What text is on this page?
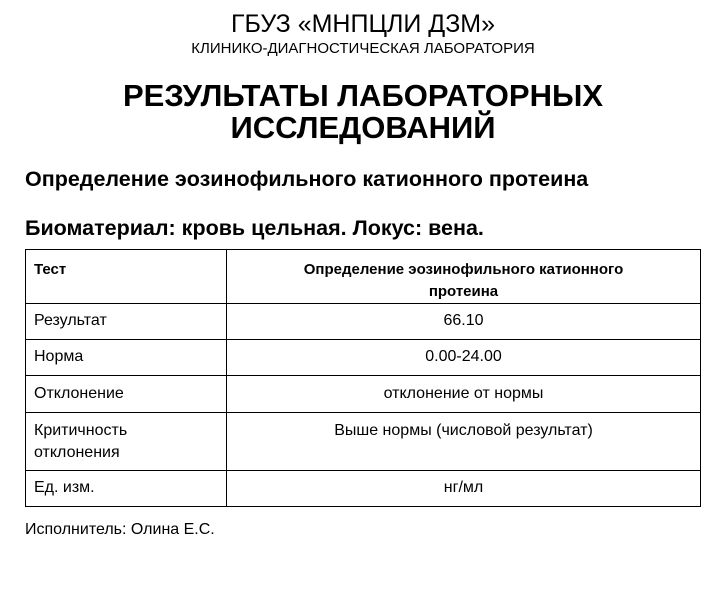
ГБУЗ «МНПЦЛИ ДЗМ»

КЛИНИКО-ДИАГНОСТИЧЕСКАЯ ЛАБОРАТОРИЯ

РЕЗУЛЬТАТЫ ЛАБОРАТОРНЫХ
ИССЛЕДОВАНИЙ
Определение эозинофильного катионного протеина
Биоматериал: кровь цельная. Локус: вена.
Тест	Определение эозинофильного катионного
протеина
Результат	66.10
Норма	0.00-24.00
Отклонение	отклонение от нормы
Критичность
отклонения	Выше нормы (числовой результат)
Ед. изм.	нг/мл

Исполнитель: Олина Е.С.
